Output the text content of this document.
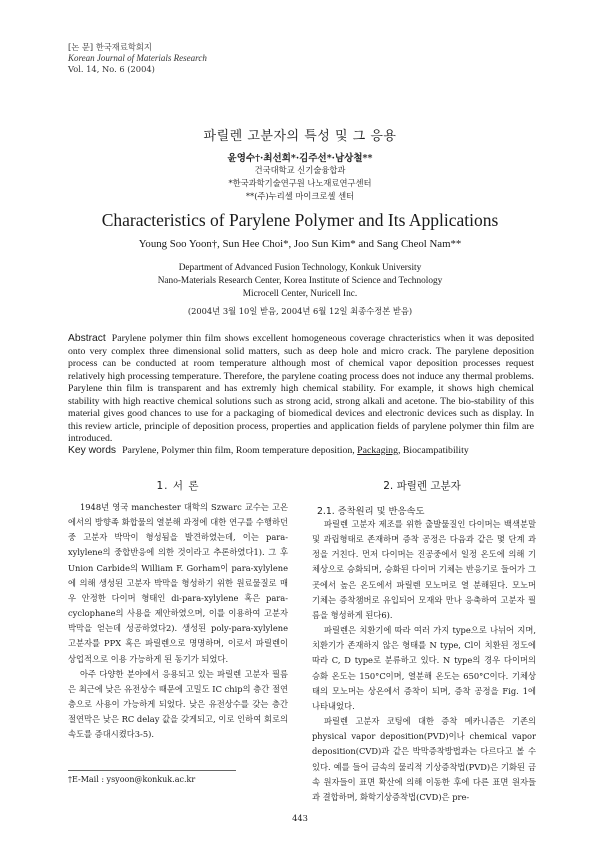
[논 문] 한국재료학회지
Korean Journal of Materials Research
Vol. 14, No. 6 (2004)
파릴렌 고분자의 특성 및 그 응용
윤영수†·최선희*·김주선*·남상철**
건국대학교 신기술융합과
*한국과학기술연구원 나노재료연구센터
**(주)누리셀 마이크로셀 센터
Characteristics of Parylene Polymer and Its Applications
Young Soo Yoon†, Sun Hee Choi*, Joo Sun Kim* and Sang Cheol Nam**
Department of Advanced Fusion Technology, Konkuk University
Nano-Materials Research Center, Korea Institute of Science and Technology
Microcell Center, Nuricell Inc.
(2004년 3월 10일 받음, 2004년 6월 12일 최종수정본 받음)
Abstract Parylene polymer thin film shows excellent homogeneous coverage chracteristics when it was deposited onto very complex three dimensional solid matters, such as deep hole and micro crack. The parylene deposition process can be conducted at room temperature although most of chemical vapor deposition processes request relatively high processing temperature. Therefore, the parylene coating process does not induce any thermal problems. Parylene thin film is transparent and has extremly high chemical stability. For example, it shows high chemical stability with high reactive chemical solutions such as strong acid, strong alkali and acetone. The bio-stability of this material gives good chances to use for a packaging of biomedical devices and electronic devices such as display. In this review article, principle of deposition process, properties and application fields of parylene polymer thin film are introduced.
Key words Parylene, Polymer thin film, Room temperature deposition, Packaging, Biocampatibility
1. 서 론	2. 파릴렌 고분자
2.1. 증착원리 및 반응속도

1948년 영국 manchester 대학의 Szwarc 교수는 고온에서의 방향족 화합물의 열분해 과정에 대한 연구를 수행하던 중 고분자 박막이 형성됨을 발견하였는데, 이는 para-xylylene의 중합반응에 의한 것이라고 추론하였다1). 그 후 Union Carbide의 William F. Gorham이 para-xylylene에 의해 생성된 고분자 박막을 형성하기 위한 원료물질로 매우 안정한 다이머 형태인 di-para-xylylene 혹은 para-cyclophane의 사용을 제안하였으며, 이를 이용하여 고분자 박막을 얻는데 성공하였다2). 생성된 poly-para-xylylene 고분자를 PPX 혹은 파릴렌으로 명명하며, 이로서 파릴렌이 상업적으로 이용 가능하게 된 동기가 되었다.

아주 다양한 분야에서 응용되고 있는 파릴렌 고분자 필름은 최근에 낮은 유전상수 때문에 고밀도 IC chip의 층간 절연층으로 사용이 가능하게 되었다. 낮은 유전상수를 갖는 층간 절연막은 낮은 RC delay 값을 갖게되고, 이로 인하여 회로의 속도를 증대시켰다3-5).

파릴렌 고분자 제조를 위한 출발물질인 다이머는 백색분말 및 과립형태로 존재하며 증착 공정은 다음과 같은 몇 단계 과정을 거친다. 먼저 다이머는 진공중에서 일정 온도에 의해 기체상으로 승화되며, 승화된 다이머 기체는 반응기로 들어가 그곳에서 높은 온도에서 파릴렌 모노머로 열 분해된다. 모노머 기체는 증착챔버로 유입되어 모재와 만나 응축하여 고분자 필름을 형성하게 된다6).

파릴렌은 치환기에 따라 여러 가지 type으로 나뉘어 지며, 치환기가 존재하지 않은 형태를 N type, Cl이 치환된 정도에 따라 C, D type로 분류하고 있다. N type의 경우 다이머의 승화 온도는 150°C이며, 열분해 온도는 650°C이다. 기체상태의 모노머는 상온에서 증착이 되며, 증착 공정을 Fig. 1에 나타내었다.

파릴렌 고분자 코팅에 대한 증착 메카니즘은 기존의 physical vapor deposition(PVD)이나 chemical vapor deposition(CVD)과 같은 박막증착방법과는 다르다고 볼 수 있다. 예를 들어 금속의 물리적 기상증착법(PVD)은 기화된 금속 원자들이 표면 확산에 의해 이동한 후에 다른 표면 원자들과 결합하며, 화학기상증착법(CVD)은 pre-

†E-Mail : ysyoon@konkuk.ac.kr
443
